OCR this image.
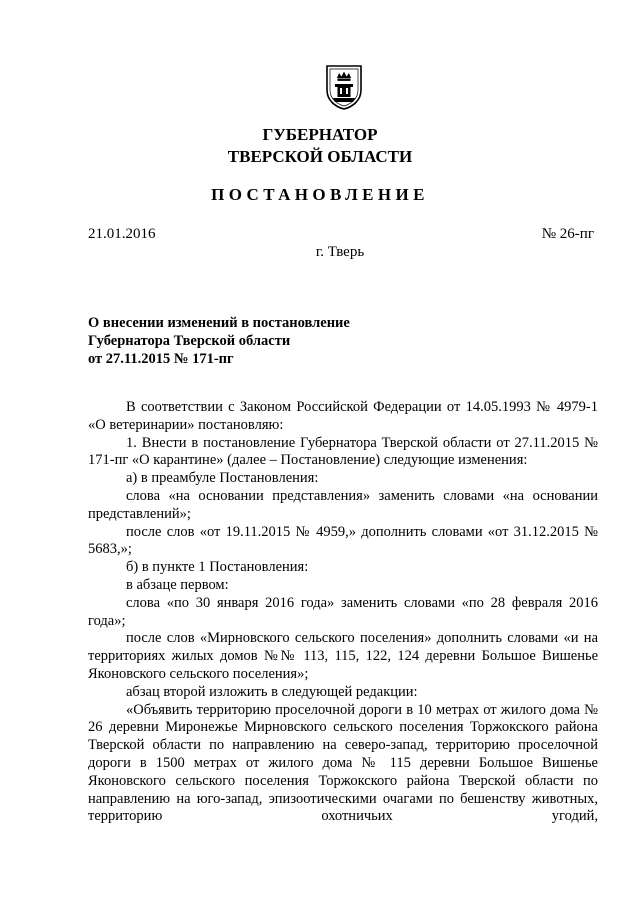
ГУБЕРНАТОР
ТВЕРСКОЙ ОБЛАСТИ
ПОСТАНОВЛЕНИЕ
21.01.2016	№ 26-пг
г. Тверь
О внесении изменений в постановление
Губернатора Тверской области
от 27.11.2015 № 171-пг

В соответствии с Законом Российской Федерации от 14.05.1993 № 4979-1 «О ветеринарии» постановляю:

1. Внести в постановление Губернатора Тверской области от 27.11.2015 № 171-пг «О карантине» (далее – Постановление) следующие изменения:

а) в преамбуле Постановления:

слова «на основании представления» заменить словами «на основании представлений»;

после слов «от 19.11.2015 № 4959,» дополнить словами «от 31.12.2015 № 5683,»;

б) в пункте 1 Постановления:

в абзаце первом:

слова «по 30 января 2016 года» заменить словами «по 28 февраля 2016 года»;

после слов «Мирновского сельского поселения» дополнить словами «и на территориях жилых домов №№ 113, 115, 122, 124 деревни Большое Вишенье Яконовского сельского поселения»;

абзац второй изложить в следующей редакции:

«Объявить территорию проселочной дороги в 10 метрах от жилого дома № 26 деревни Миронежье Мирновского сельского поселения Торжокского района Тверской области по направлению на северо-запад, территорию проселочной дороги в 1500 метрах от жилого дома № 115 деревни Большое Вишенье Яконовского сельского поселения Торжокского района Тверской области по направлению на юго-запад, эпизоотическими очагами по бешенству животных, территорию охотничьих угодий,
